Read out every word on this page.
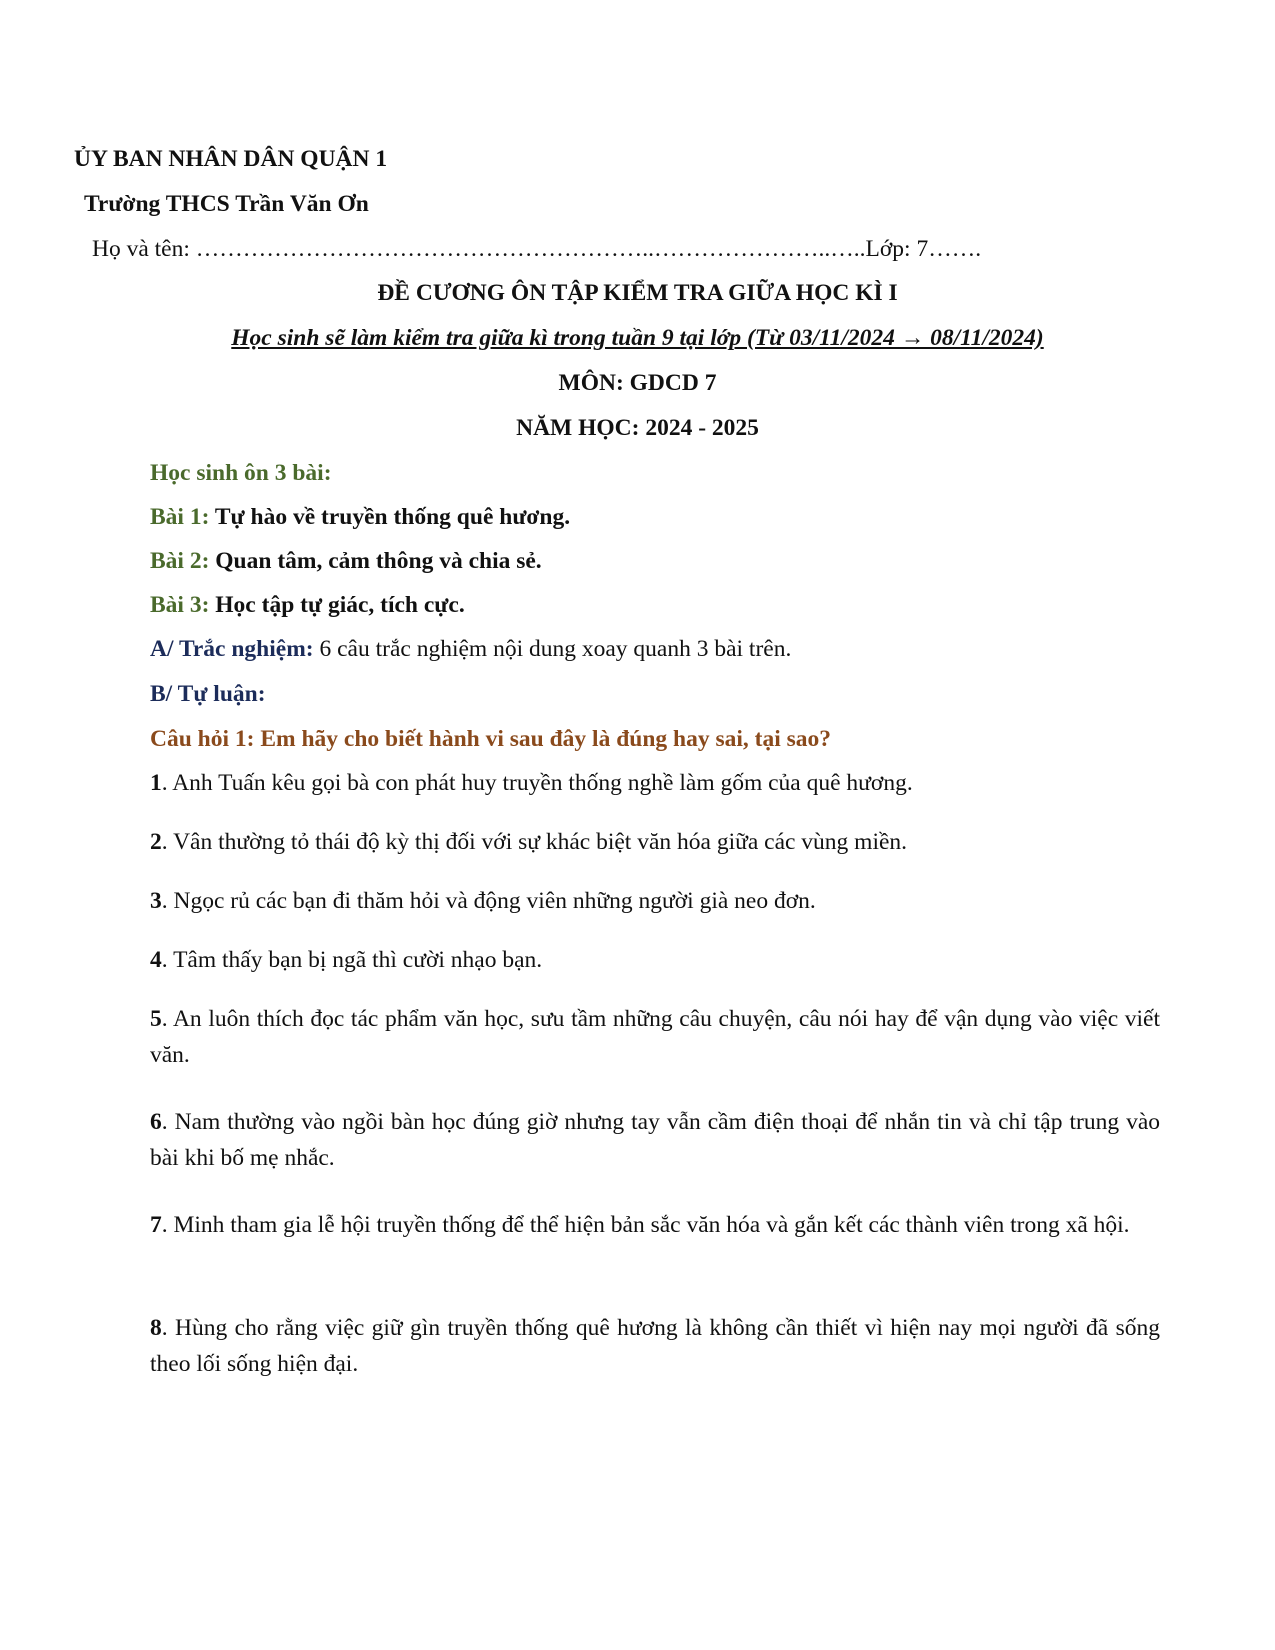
ỦY BAN NHÂN DÂN QUẬN 1
Trường THCS Trần Văn Ơn
Họ và tên: …………………………………………………..…………………..…..Lớp: 7…….
ĐỀ CƯƠNG ÔN TẬP KIỂM TRA GIỮA HỌC KÌ I
Học sinh sẽ làm kiểm tra giữa kì trong tuần 9 tại lớp (Từ 03/11/2024 → 08/11/2024)
MÔN: GDCD 7
NĂM HỌC: 2024 - 2025
Học sinh ôn 3 bài:
Bài 1: Tự hào về truyền thống quê hương.
Bài 2: Quan tâm, cảm thông và chia sẻ.
Bài 3: Học tập tự giác, tích cực.
A/ Trắc nghiệm: 6 câu trắc nghiệm nội dung xoay quanh 3 bài trên.
B/ Tự luận:
Câu hỏi 1: Em hãy cho biết hành vi sau đây là đúng hay sai, tại sao?
1. Anh Tuấn kêu gọi bà con phát huy truyền thống nghề làm gốm của quê hương.
2. Vân thường tỏ thái độ kỳ thị đối với sự khác biệt văn hóa giữa các vùng miền.
3. Ngọc rủ các bạn đi thăm hỏi và động viên những người già neo đơn.
4. Tâm thấy bạn bị ngã thì cười nhạo bạn.
5. An luôn thích đọc tác phẩm văn học, sưu tầm những câu chuyện, câu nói hay để vận dụng vào việc viết văn.
6. Nam thường vào ngồi bàn học đúng giờ nhưng tay vẫn cầm điện thoại để nhắn tin và chỉ tập trung vào bài khi bố mẹ nhắc.
7. Minh tham gia lễ hội truyền thống để thể hiện bản sắc văn hóa và gắn kết các thành viên trong xã hội.
8. Hùng cho rằng việc giữ gìn truyền thống quê hương là không cần thiết vì hiện nay mọi người đã sống theo lối sống hiện đại.
